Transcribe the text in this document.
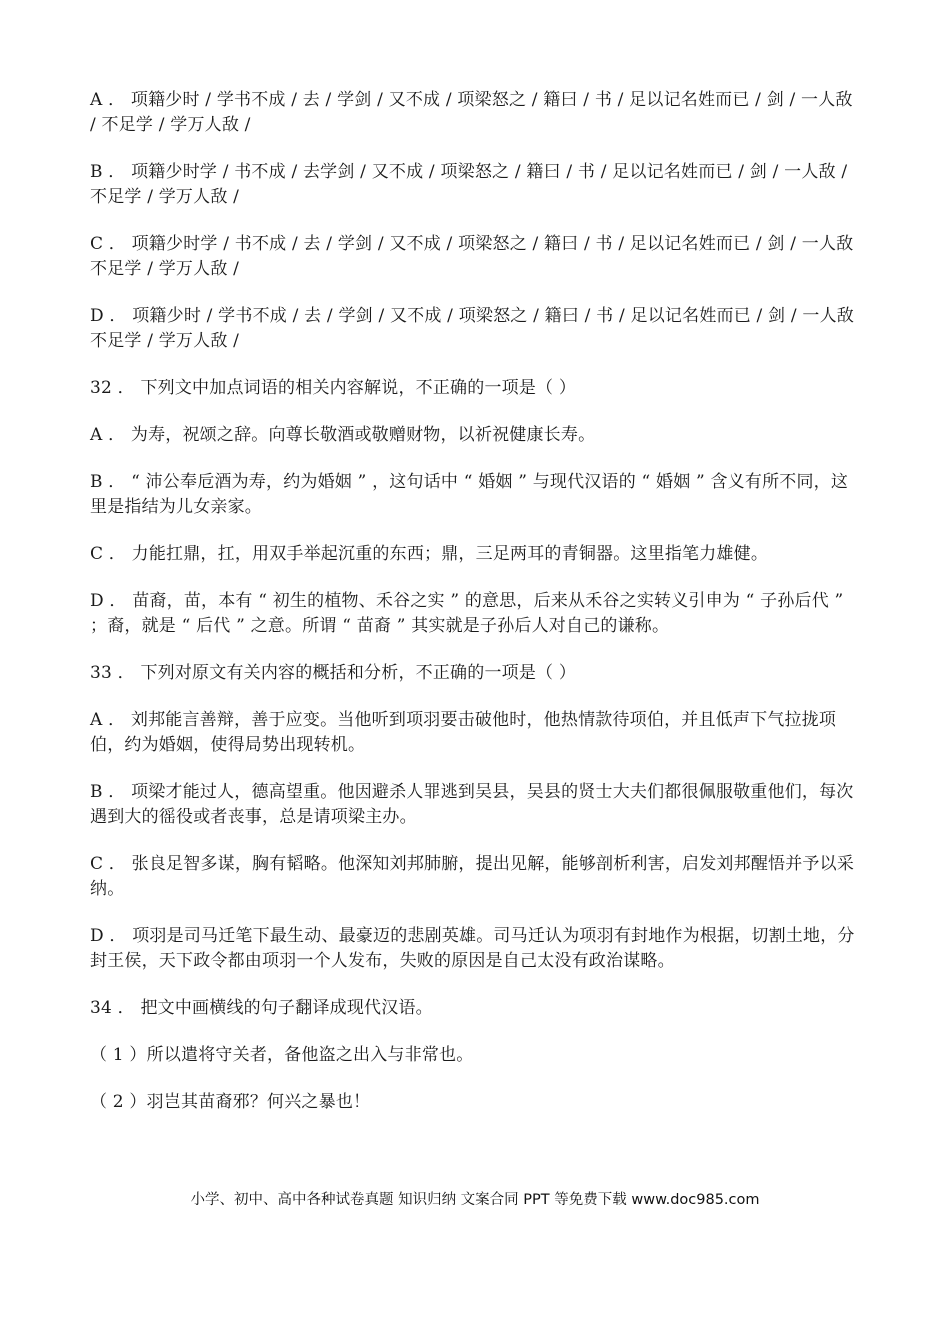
A ． 项籍少时 / 学书不成 / 去 / 学剑 / 又不成 / 项梁怒之 / 籍曰 / 书 / 足以记名姓而已 / 剑 / 一人敌 / 不足学 / 学万人敌 /

B ． 项籍少时学 / 书不成 / 去学剑 / 又不成 / 项梁怒之 / 籍曰 / 书 / 足以记名姓而已 / 剑 / 一人敌 / 不足学 / 学万人敌 /

C ． 项籍少时学 / 书不成 / 去 / 学剑 / 又不成 / 项梁怒之 / 籍曰 / 书 / 足以记名姓而已 / 剑 / 一人敌不足学 / 学万人敌 /

D ． 项籍少时 / 学书不成 / 去 / 学剑 / 又不成 / 项梁怒之 / 籍曰 / 书 / 足以记名姓而已 / 剑 / 一人敌不足学 / 学万人敌 /

32 ． 下列文中加点词语的相关内容解说，不正确的一项是（ ）

A ． 为寿，祝颂之辞。向尊长敬酒或敬赠财物，以祈祝健康长寿。

B ． “ 沛公奉卮酒为寿，约为婚姻 ” ，这句话中 “ 婚姻 ” 与现代汉语的 “ 婚姻 ” 含义有所不同，这里是指结为儿女亲家。

C ． 力能扛鼎，扛，用双手举起沉重的东西；鼎，三足两耳的青铜器。这里指笔力雄健。

D ． 苗裔，苗，本有 “ 初生的植物、禾谷之实 ” 的意思，后来从禾谷之实转义引申为 “ 子孙后代 ” ；裔，就是 “ 后代 ” 之意。所谓 “ 苗裔 ” 其实就是子孙后人对自己的谦称。

33 ． 下列对原文有关内容的概括和分析，不正确的一项是（ ）

A ． 刘邦能言善辩，善于应变。当他听到项羽要击破他时，他热情款待项伯，并且低声下气拉拢项伯，约为婚姻，使得局势出现转机。

B ． 项梁才能过人，德高望重。他因避杀人罪逃到吴县，吴县的贤士大夫们都很佩服敬重他们，每次遇到大的徭役或者丧事，总是请项梁主办。

C ． 张良足智多谋，胸有韬略。他深知刘邦肺腑，提出见解，能够剖析利害，启发刘邦醒悟并予以采纳。

D ． 项羽是司马迁笔下最生动、最豪迈的悲剧英雄。司马迁认为项羽有封地作为根据，切割土地，分封王侯，天下政令都由项羽一个人发布，失败的原因是自己太没有政治谋略。

34 ． 把文中画横线的句子翻译成现代汉语。

（ 1 ）所以遣将守关者，备他盗之出入与非常也。

（ 2 ）羽岂其苗裔邪？何兴之暴也！

小学、初中、高中各种试卷真题 知识归纳 文案合同 PPT 等免费下载 www.doc985.com
